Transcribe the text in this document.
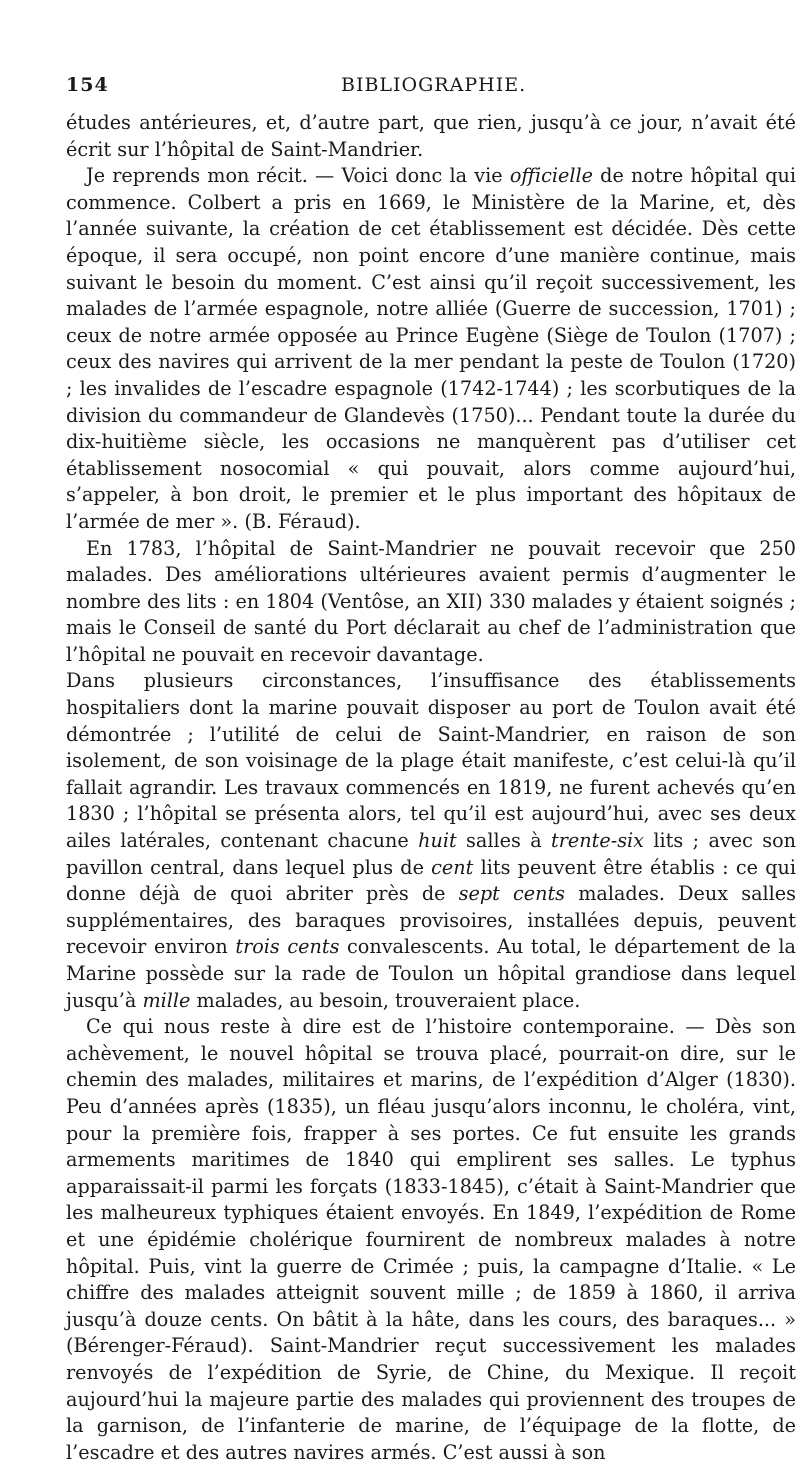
154	BIBLIOGRAPHIE.

études antérieures, et, d’autre part, que rien, jusqu’à ce jour, n’avait été écrit sur l’hôpital de Saint-Mandrier.

Je reprends mon récit. — Voici donc la vie officielle de notre hôpital qui commence. Colbert a pris en 1669, le Ministère de la Marine, et, dès l’année suivante, la création de cet établissement est décidée. Dès cette époque, il sera occupé, non point encore d’une manière continue, mais suivant le besoin du moment. C’est ainsi qu’il reçoit successivement, les malades de l’armée espagnole, notre alliée (Guerre de succession, 1701) ; ceux de notre armée opposée au Prince Eugène (Siège de Toulon (1707) ; ceux des navires qui arrivent de la mer pendant la peste de Toulon (1720) ; les invalides de l’escadre espagnole (1742-1744) ; les scorbutiques de la division du commandeur de Glandevès (1750)... Pendant toute la durée du dix-huitième siècle, les occasions ne manquèrent pas d’utiliser cet établissement nosocomial « qui pouvait, alors comme aujourd’hui, s’appeler, à bon droit, le premier et le plus important des hôpitaux de l’armée de mer ». (B. Féraud).

En 1783, l’hôpital de Saint-Mandrier ne pouvait recevoir que 250 malades. Des améliorations ultérieures avaient permis d’augmenter le nombre des lits : en 1804 (Ventôse, an XII) 330 malades y étaient soignés ; mais le Conseil de santé du Port déclarait au chef de l’administration que l’hôpital ne pouvait en recevoir davantage.

Dans plusieurs circonstances, l’insuffisance des établissements hospitaliers dont la marine pouvait disposer au port de Toulon avait été démontrée ; l’utilité de celui de Saint-Mandrier, en raison de son isolement, de son voisinage de la plage était manifeste, c’est celui-là qu’il fallait agrandir. Les travaux commencés en 1819, ne furent achevés qu’en 1830 ; l’hôpital se présenta alors, tel qu’il est aujourd’hui, avec ses deux ailes latérales, contenant chacune huit salles à trente-six lits ; avec son pavillon central, dans lequel plus de cent lits peuvent être établis : ce qui donne déjà de quoi abriter près de sept cents malades. Deux salles supplémentaires, des baraques provisoires, installées depuis, peuvent recevoir environ trois cents convalescents. Au total, le département de la Marine possède sur la rade de Toulon un hôpital grandiose dans lequel jusqu’à mille malades, au besoin, trouveraient place.

Ce qui nous reste à dire est de l’histoire contemporaine. — Dès son achèvement, le nouvel hôpital se trouva placé, pourrait-on dire, sur le chemin des malades, militaires et marins, de l’expédition d’Alger (1830). Peu d’années après (1835), un fléau jusqu’alors inconnu, le choléra, vint, pour la première fois, frapper à ses portes. Ce fut ensuite les grands armements maritimes de 1840 qui emplirent ses salles. Le typhus apparaissait-il parmi les forçats (1833-1845), c’était à Saint-Mandrier que les malheureux typhiques étaient envoyés. En 1849, l’expédition de Rome et une épidémie cholérique fournirent de nombreux malades à notre hôpital. Puis, vint la guerre de Crimée ; puis, la campagne d’Italie. « Le chiffre des malades atteignit souvent mille ; de 1859 à 1860, il arriva jusqu’à douze cents. On bâtit à la hâte, dans les cours, des baraques... » (Bérenger-Féraud). Saint-Mandrier reçut successivement les malades renvoyés de l’expédition de Syrie, de Chine, du Mexique. Il reçoit aujourd’hui la majeure partie des malades qui proviennent des troupes de la garnison, de l’infanterie de marine, de l’équipage de la flotte, de l’escadre et des autres navires armés. C’est aussi à son
